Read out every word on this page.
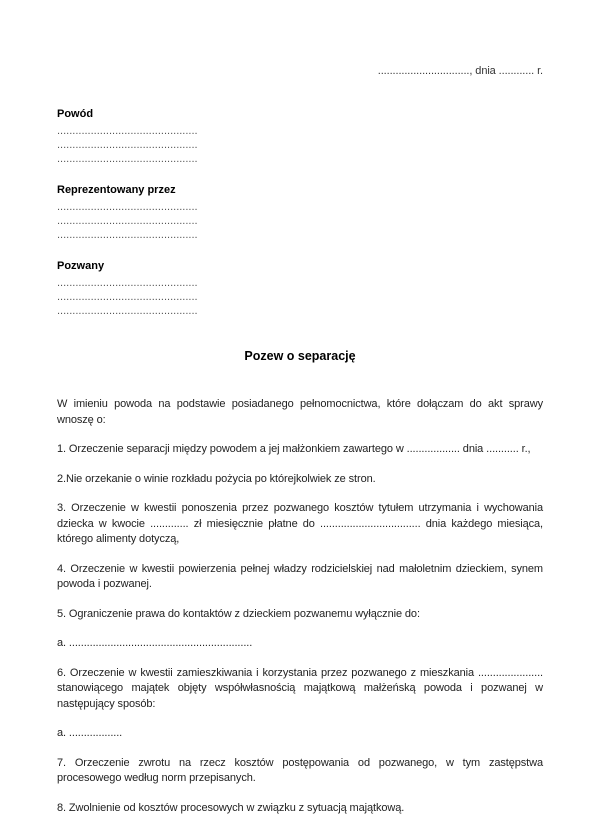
..............................., dnia ............ r.
Powód
..............................................
..............................................
..............................................
Reprezentowany przez
..............................................
..............................................
..............................................
Pozwany
..............................................
..............................................
..............................................
Pozew o separację

W imieniu powoda na podstawie posiadanego pełnomocnictwa, które dołączam do akt sprawy wnoszę o:

1. Orzeczenie separacji między powodem a jej małżonkiem zawartego w .................. dnia ........... r.,

2.Nie orzekanie o winie rozkładu pożycia po którejkolwiek ze stron.

3. Orzeczenie w kwestii ponoszenia przez pozwanego kosztów tytułem utrzymania i wychowania dziecka w kwocie ............. zł miesięcznie płatne do .................................. dnia każdego miesiąca, którego alimenty dotyczą,

4. Orzeczenie w kwestii powierzenia pełnej władzy rodzicielskiej nad małoletnim dzieckiem, synem powoda i pozwanej.

5. Ograniczenie prawa do kontaktów z dzieckiem pozwanemu wyłącznie do:

a. ..............................................................

6. Orzeczenie w kwestii zamieszkiwania i korzystania przez pozwanego z mieszkania ...................... stanowiącego majątek objęty współwłasnością majątkową małżeńską powoda i pozwanej w następujący sposób:

a. ..................

7. Orzeczenie zwrotu na rzecz kosztów postępowania od pozwanego, w tym zastępstwa procesowego według norm przepisanych.

8. Zwolnienie od kosztów procesowych w związku z sytuacją majątkową.
